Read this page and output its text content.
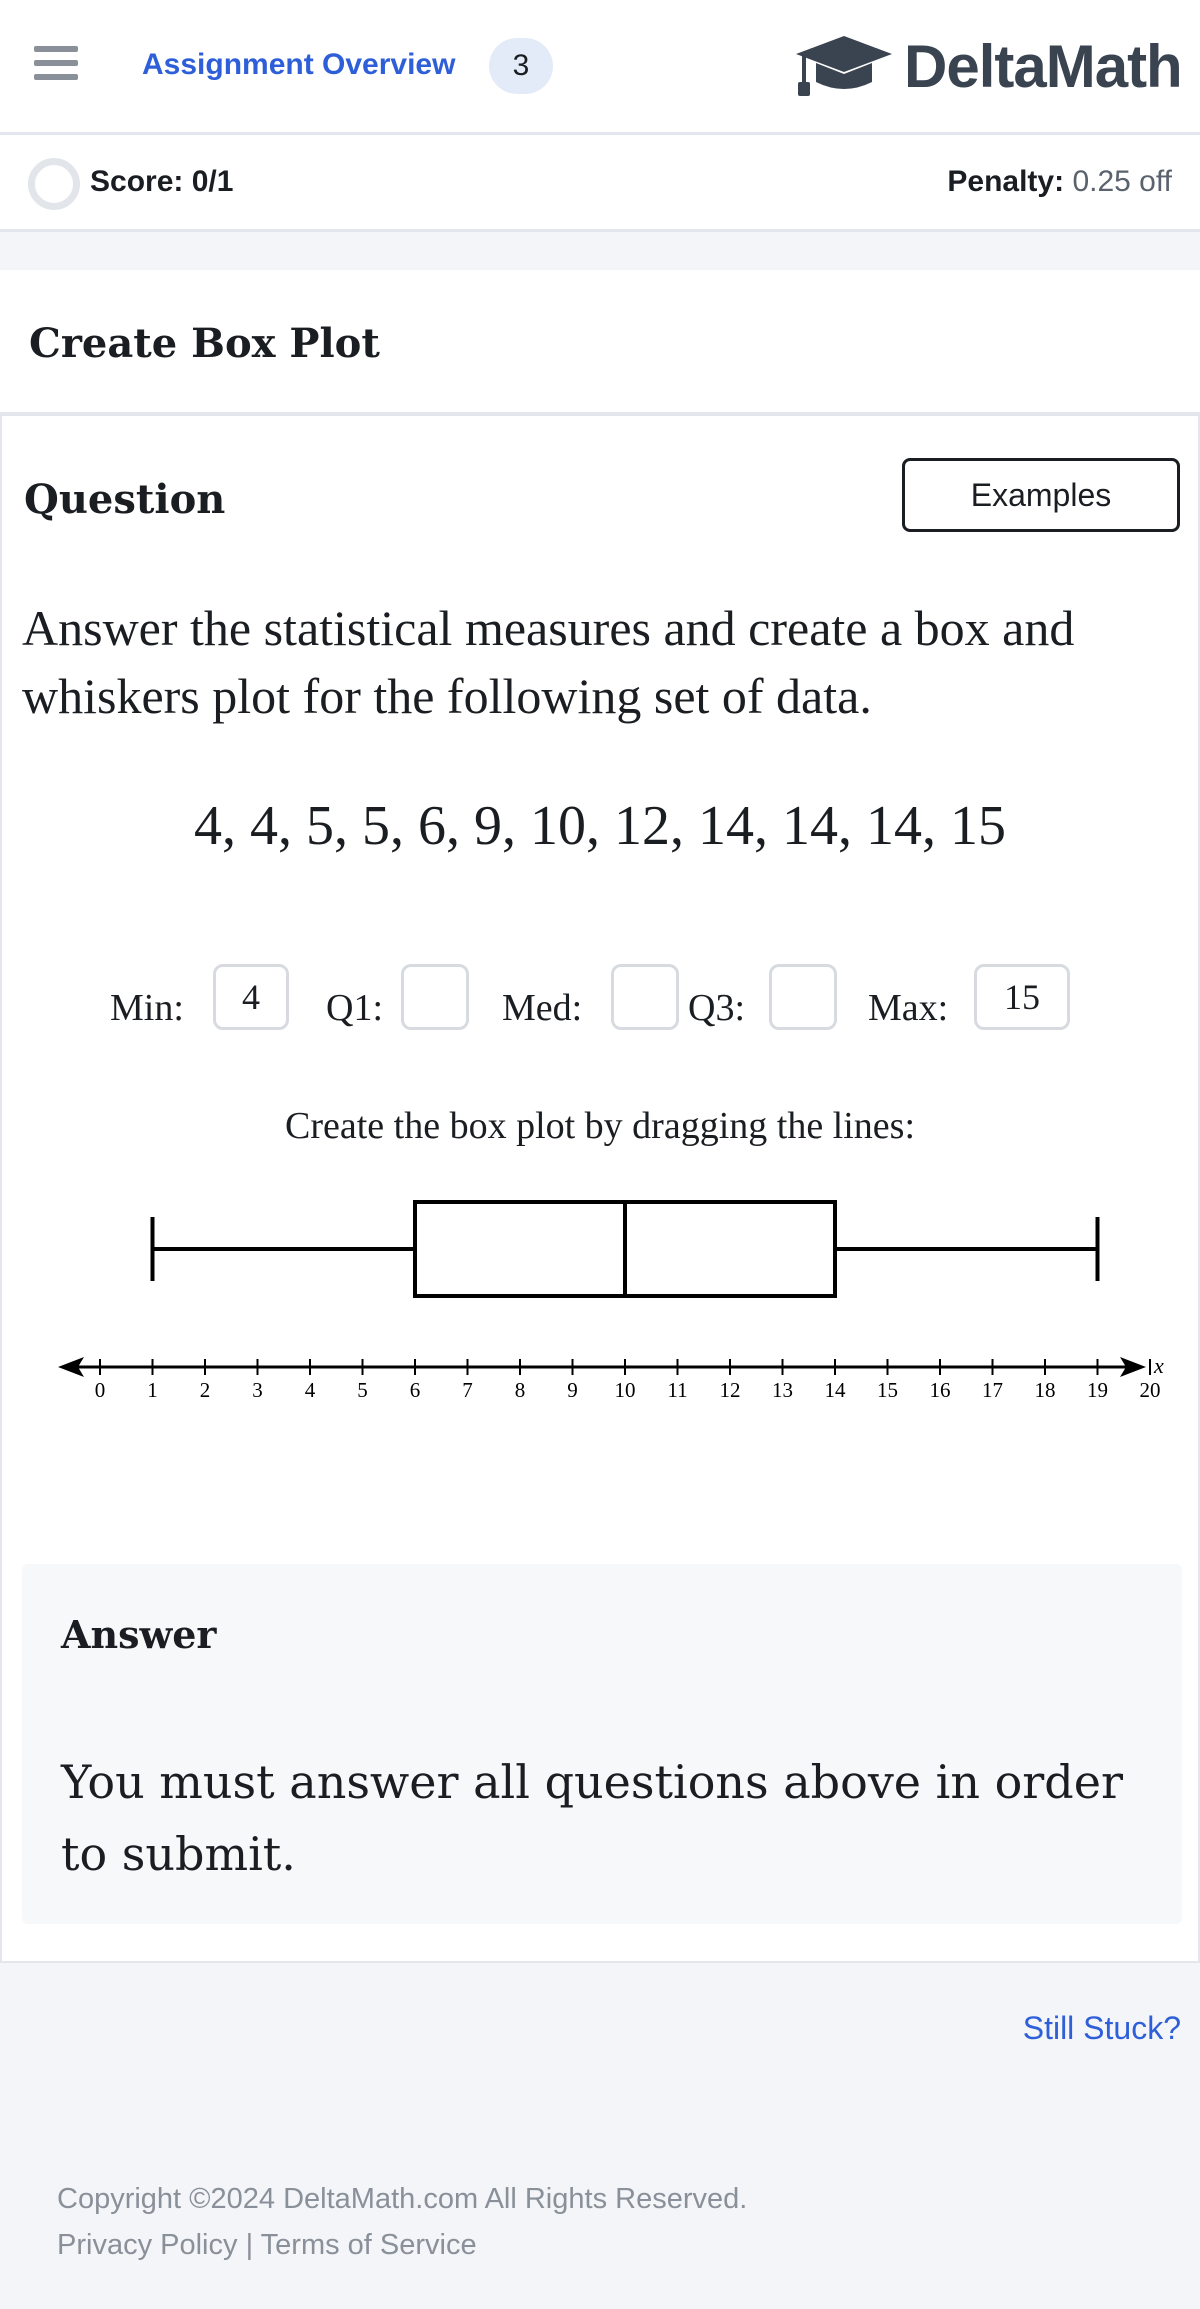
Assignment Overview	3	DeltaMath
Score: 0/1	Penalty: 0.25 off
Create Box Plot
Question	Examples
Answer the statistical measures and create a box and whiskers plot for the following set of data.
4, 4, 5, 5, 6, 9, 10, 12, 14, 14, 14, 15
Min:	4	Q1:	Med:	Q3:	Max:	15
Create the box plot by dragging the lines:
x
0 1 2 3 4 5 6 7 8 9 10 11 12 13 14 15 16 17 18 19 20
Answer
You must answer all questions above in order to submit.
Still Stuck?
Copyright ©2024 DeltaMath.com All Rights Reserved.
Privacy Policy | Terms of Service
